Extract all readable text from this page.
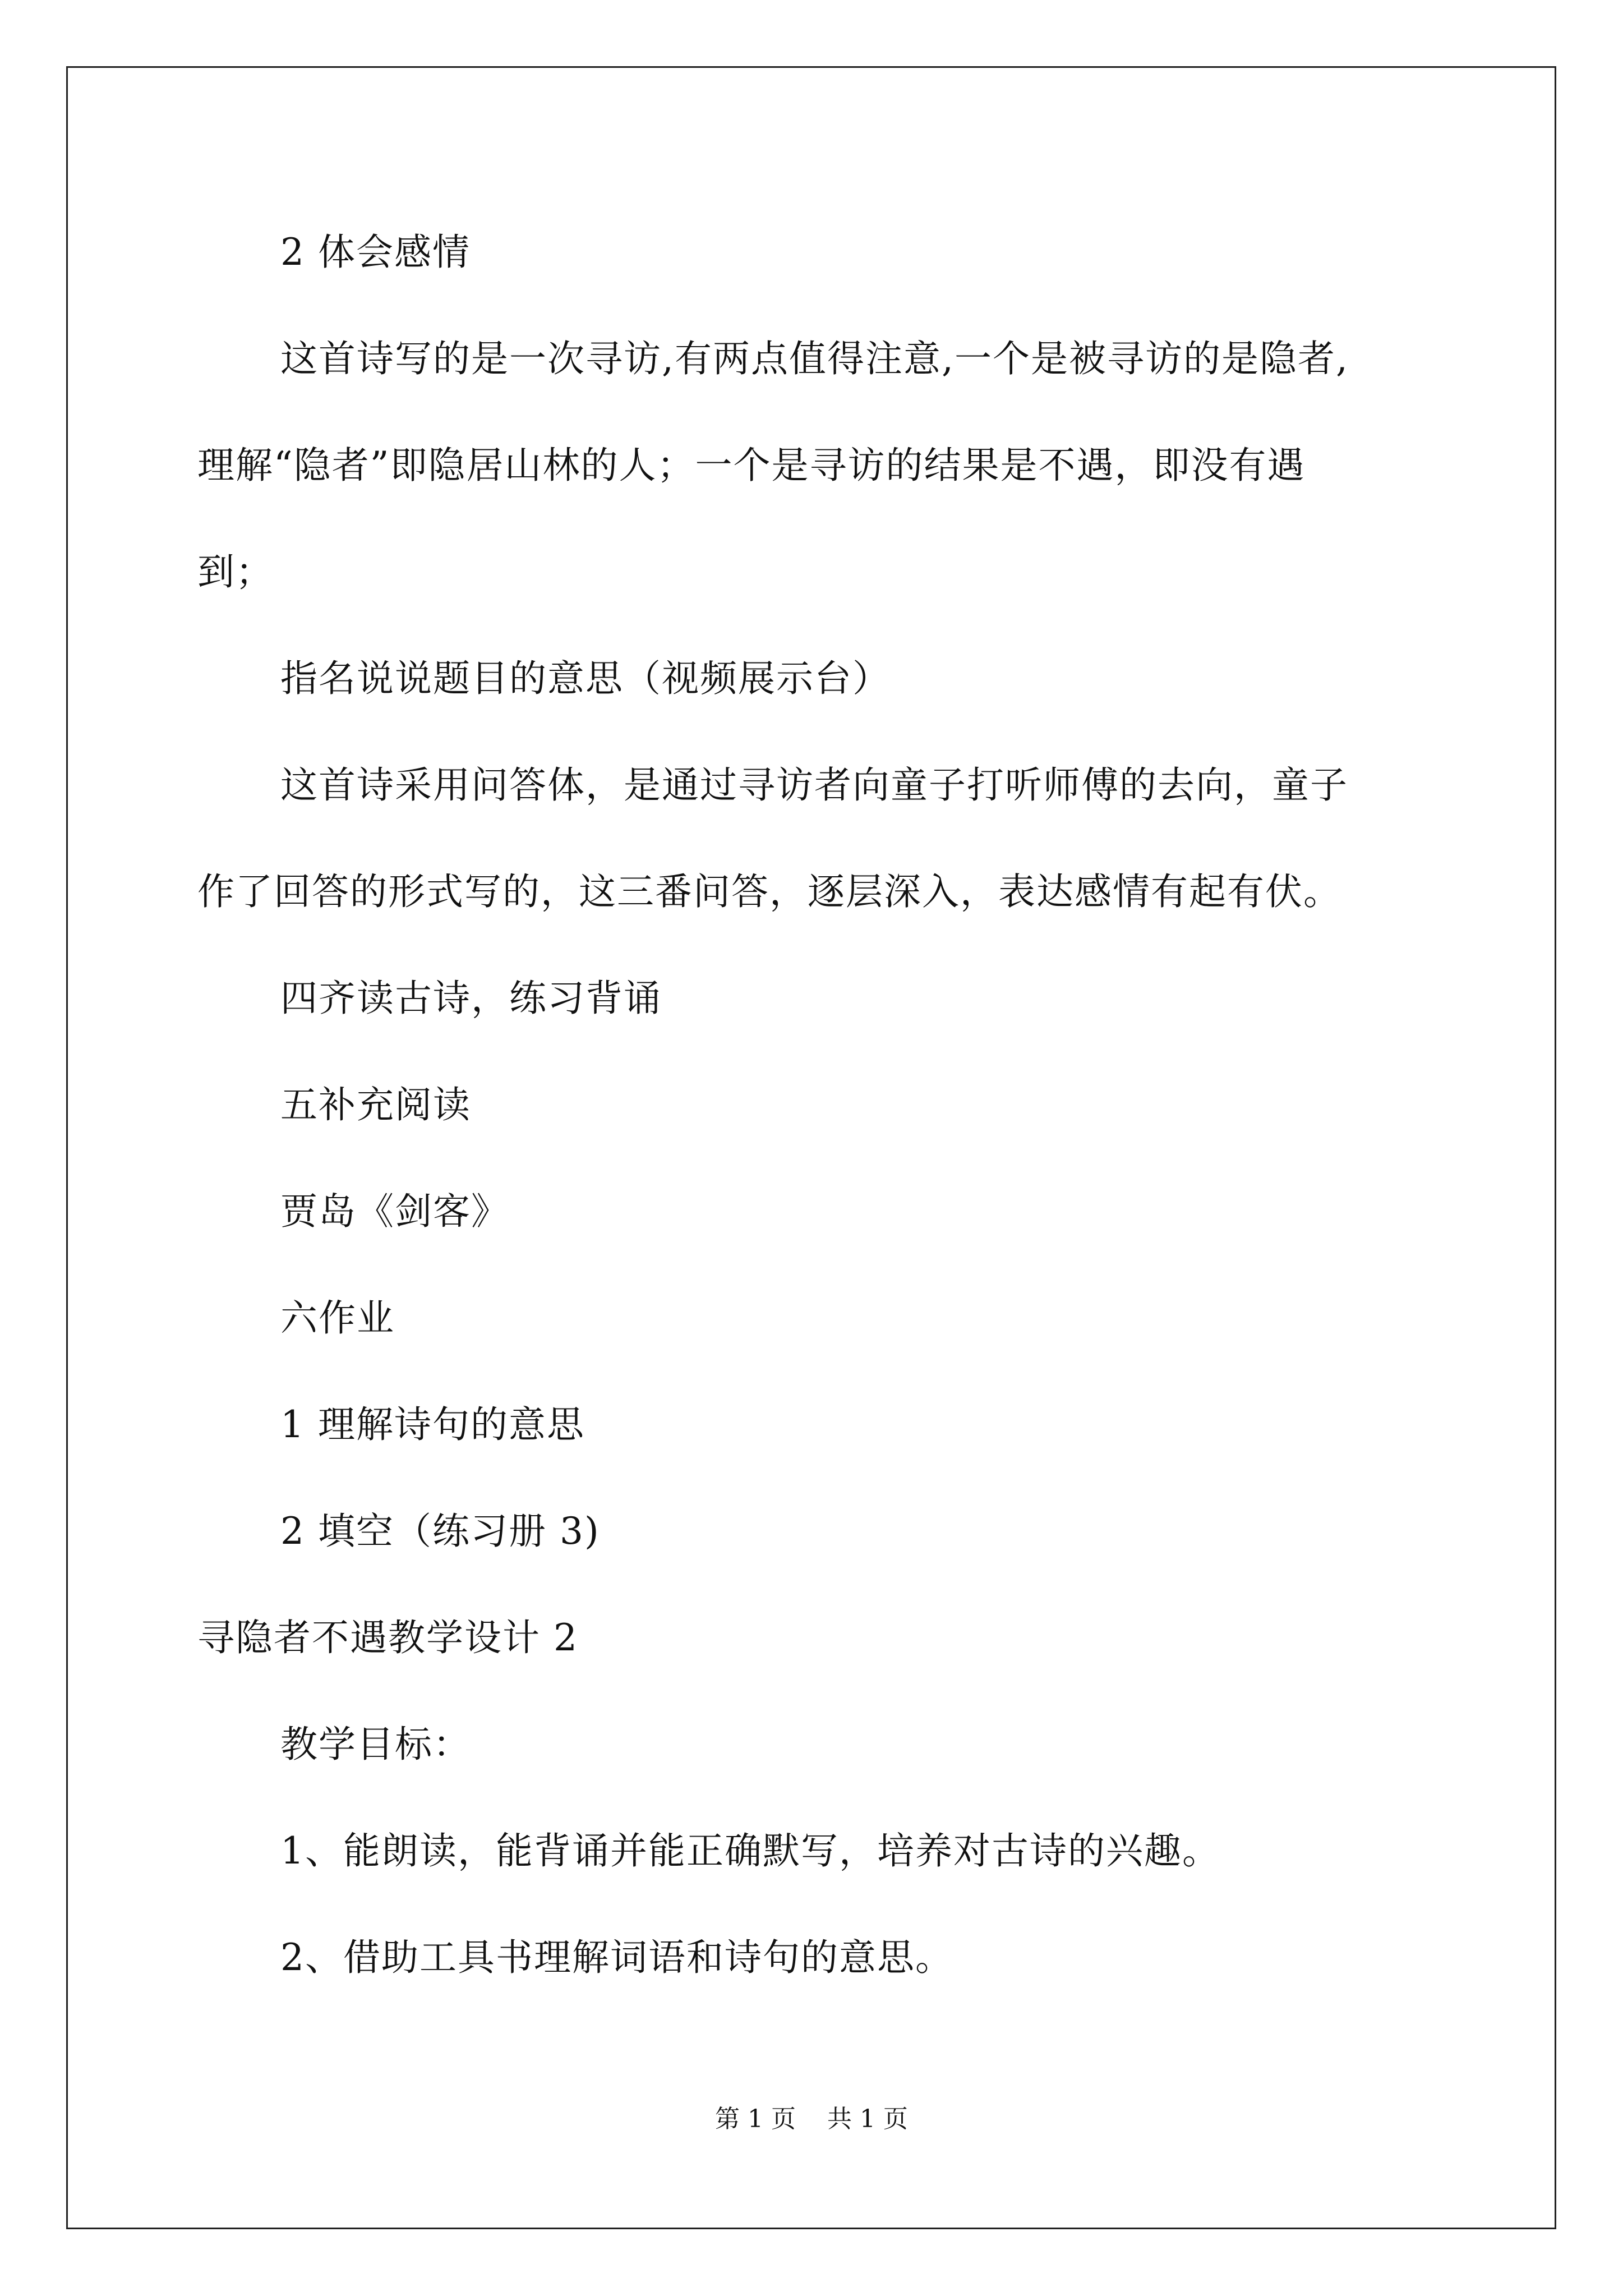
2 体会感情
这首诗写的是一次寻访,有两点值得注意,一个是被寻访的是隐者,
理解“隐者”即隐居山林的人；一个是寻访的结果是不遇，即没有遇
到；
指名说说题目的意思（视频展示台）
这首诗采用问答体，是通过寻访者向童子打听师傅的去向，童子
作了回答的形式写的，这三番问答，逐层深入，表达感情有起有伏。
四齐读古诗，练习背诵
五补充阅读
贾岛《剑客》
六作业
1 理解诗句的意思
2 填空（练习册 3)
寻隐者不遇教学设计 2
教学目标：
1、能朗读，能背诵并能正确默写，培养对古诗的兴趣。
2、借助工具书理解词语和诗句的意思。
第 1 页    共 1 页
